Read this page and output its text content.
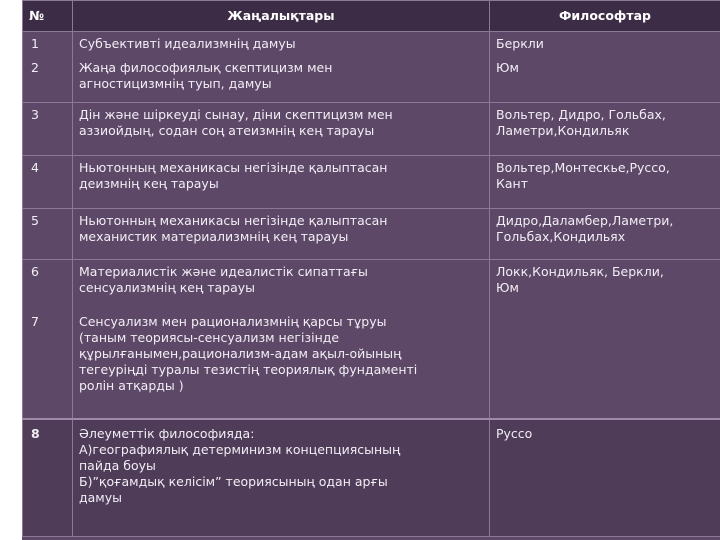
№	Жаңалықтары	Философтар
1	Субъективті идеализмнің дамуы	Беркли
2	Жаңа философиялық скептицизм мен
агностицизмнің туып, дамуы	Юм
3	Дін және шіркеуді сынау, діни скептицизм мен
аззиойдың, содан соң атеизмнің кең тарауы	Вольтер, Дидро, Гольбах,
Ламетри,Кондильяк
4	Ньютонның механикасы негізінде қалыптасан
деизмнің кең тарауы	Вольтер,Монтескье,Руссо,
Кант
5	Ньютонның механикасы негізінде қалыптасан
механистик материализмнің кең тарауы	Дидро,Даламбер,Ламетри,
Гольбах,Кондильях
6	Материалистік және идеалистік сипаттағы
сенсуализмнің кең тарауы	Локк,Кондильяк, Беркли,
Юм
7	Сенсуализм мен рационализмнің қарсы тұруы
(таным теориясы-сенсуализм негізінде
құрылғанымен,рационализм-адам ақыл-ойының
тегеуріңді туралы тезистің теориялық фундаменті
ролін атқарды )	
8	Әлеуметтік философияда:
А)географиялық детерминизм концепциясының
пайда боуы
Б)”қоғамдық келісім” теориясының одан арғы
дамуы	Руссо
